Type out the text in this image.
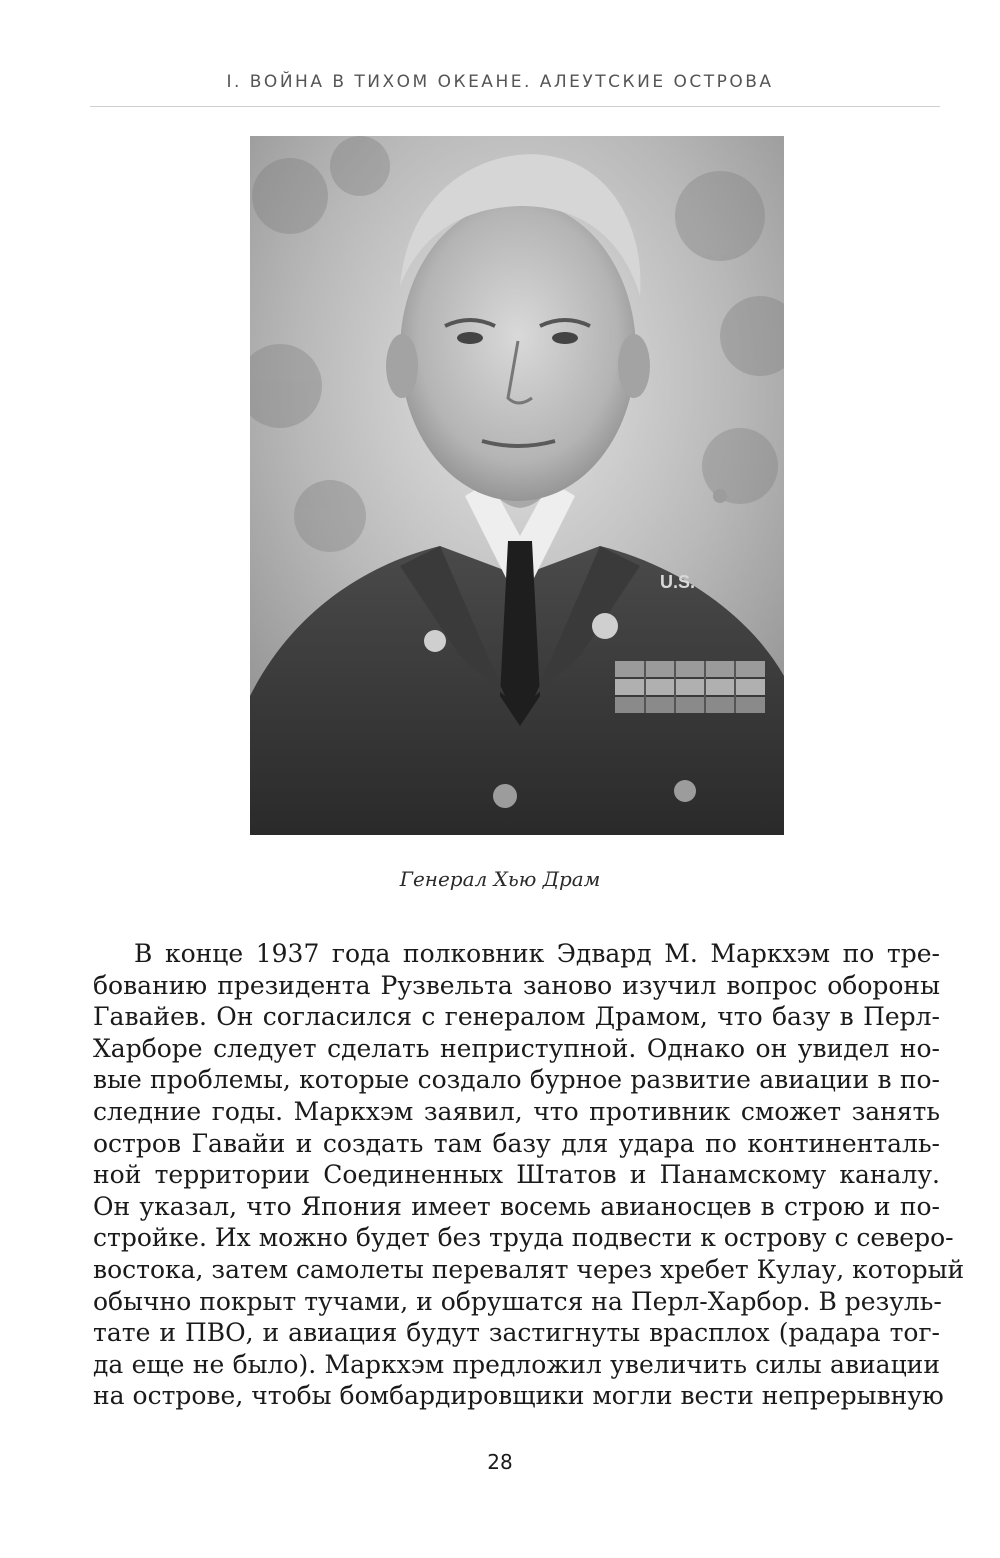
I. ВОЙНА В ТИХОМ ОКЕАНЕ. АЛЕУТСКИЕ ОСТРОВА
U.S.
Генерал Хью Драм
В конце 1937 года полковник Эдвард М. Маркхэм по тре-
бованию президента Рузвельта заново изучил вопрос обороны
Гавайев. Он согласился с генералом Драмом, что базу в Перл-
Харборе следует сделать неприступной. Однако он увидел но-
вые проблемы, которые создало бурное развитие авиации в по-
следние годы. Маркхэм заявил, что противник сможет занять
остров Гавайи и создать там базу для удара по континенталь-
ной территории Соединенных Штатов и Панамскому каналу.
Он указал, что Япония имеет восемь авианосцев в строю и по-
стройке. Их можно будет без труда подвести к острову с северо-
востока, затем самолеты перевалят через хребет Кулау, который
обычно покрыт тучами, и обрушатся на Перл-Харбор. В резуль-
тате и ПВО, и авиация будут застигнуты врасплох (радара тог-
да еще не было). Маркхэм предложил увеличить силы авиации
на острове, чтобы бомбардировщики могли вести непрерывную
28
